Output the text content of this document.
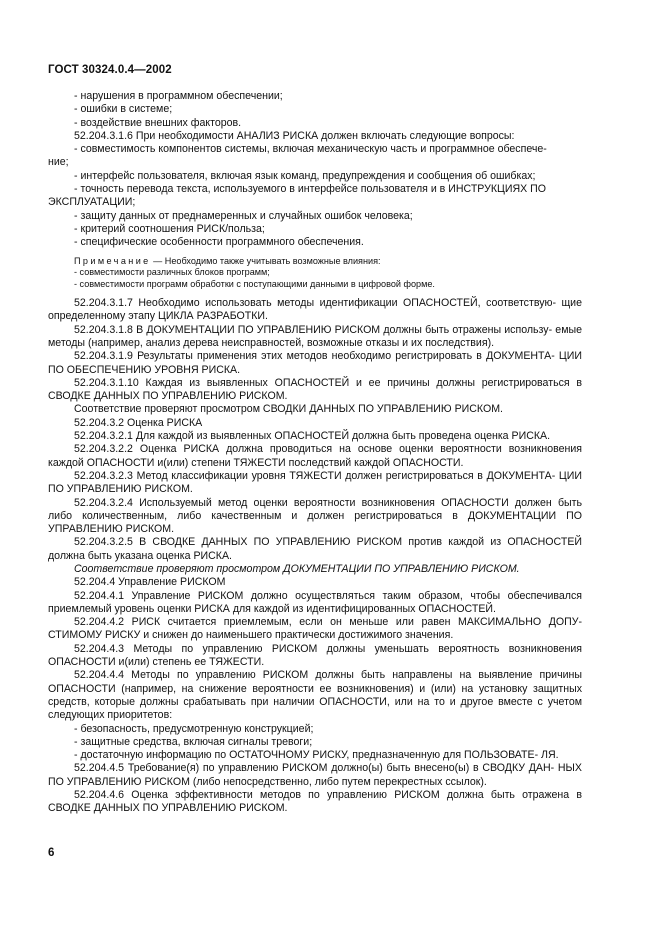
ГОСТ 30324.0.4—2002

- нарушения в программном обеспечении;

- ошибки в системе;

- воздействие внешних факторов.

52.204.3.1.6 При необходимости АНАЛИЗ РИСКА должен включать следующие вопросы:

- совместимость компонентов системы, включая механическую часть и программное обеспече-

ние;

- интерфейс пользователя, включая язык команд, предупреждения и сообщения об ошибках;

- точность перевода текста, используемого в интерфейсе пользователя и в ИНСТРУКЦИЯХ ПО

ЭКСПЛУАТАЦИИ;

- защиту данных от преднамеренных и случайных ошибок человека;

- критерий соотношения РИСК/польза;

- специфические особенности программного обеспечения.

Примечание — Необходимо также учитывать возможные влияния:
- совместимости различных блоков программ;
- совместимости программ обработки с поступающими данными в цифровой форме.

52.204.3.1.7 Необходимо использовать методы идентификации ОПАСНОСТЕЙ, соответствую- щие определенному этапу ЦИКЛА РАЗРАБОТКИ.

52.204.3.1.8 В ДОКУМЕНТАЦИИ ПО УПРАВЛЕНИЮ РИСКОМ должны быть отражены использу- емые методы (например, анализ дерева неисправностей, возможные отказы и их последствия).

52.204.3.1.9 Результаты применения этих методов необходимо регистрировать в ДОКУМЕНТА- ЦИИ ПО ОБЕСПЕЧЕНИЮ УРОВНЯ РИСКА.

52.204.3.1.10 Каждая из выявленных ОПАСНОСТЕЙ и ее причины должны регистрироваться в СВОДКЕ ДАННЫХ ПО УПРАВЛЕНИЮ РИСКОМ.

Соответствие проверяют просмотром СВОДКИ ДАННЫХ ПО УПРАВЛЕНИЮ РИСКОМ.

52.204.3.2 Оценка РИСКА

52.204.3.2.1 Для каждой из выявленных ОПАСНОСТЕЙ должна быть проведена оценка РИСКА.

52.204.3.2.2 Оценка РИСКА должна проводиться на основе оценки вероятности возникновения каждой ОПАСНОСТИ и(или) степени ТЯЖЕСТИ последствий каждой ОПАСНОСТИ.

52.204.3.2.3 Метод классификации уровня ТЯЖЕСТИ должен регистрироваться в ДОКУМЕНТА- ЦИИ ПО УПРАВЛЕНИЮ РИСКОМ.

52.204.3.2.4 Используемый метод оценки вероятности возникновения ОПАСНОСТИ должен быть либо количественным, либо качественным и должен регистрироваться в ДОКУМЕНТАЦИИ ПО УПРАВЛЕНИЮ РИСКОМ.

52.204.3.2.5 В СВОДКЕ ДАННЫХ ПО УПРАВЛЕНИЮ РИСКОМ против каждой из ОПАСНОСТЕЙ должна быть указана оценка РИСКА.

Соответствие проверяют просмотром ДОКУМЕНТАЦИИ ПО УПРАВЛЕНИЮ РИСКОМ.

52.204.4 Управление РИСКОМ

52.204.4.1 Управление РИСКОМ должно осуществляться таким образом, чтобы обеспечивался приемлемый уровень оценки РИСКА для каждой из идентифицированных ОПАСНОСТЕЙ.

52.204.4.2 РИСК считается приемлемым, если он меньше или равен МАКСИМАЛЬНО ДОПУ- СТИМОМУ РИСКУ и снижен до наименьшего практически достижимого значения.

52.204.4.3 Методы по управлению РИСКОМ должны уменьшать вероятность возникновения ОПАСНОСТИ и(или) степень ее ТЯЖЕСТИ.

52.204.4.4 Методы по управлению РИСКОМ должны быть направлены на выявление причины ОПАСНОСТИ (например, на снижение вероятности ее возникновения) и (или) на установку защитных средств, которые должны срабатывать при наличии ОПАСНОСТИ, или на то и другое вместе с учетом следующих приоритетов:

- безопасность, предусмотренную конструкцией;

- защитные средства, включая сигналы тревоги;

- достаточную информацию по ОСТАТОЧНОМУ РИСКУ, предназначенную для ПОЛЬЗОВАТЕ- ЛЯ.

52.204.4.5 Требование(я) по управлению РИСКОМ должно(ы) быть внесено(ы) в СВОДКУ ДАН- НЫХ ПО УПРАВЛЕНИЮ РИСКОМ (либо непосредственно, либо путем перекрестных ссылок).

52.204.4.6 Оценка эффективности методов по управлению РИСКОМ должна быть отражена в СВОДКЕ ДАННЫХ ПО УПРАВЛЕНИЮ РИСКОМ.

6
